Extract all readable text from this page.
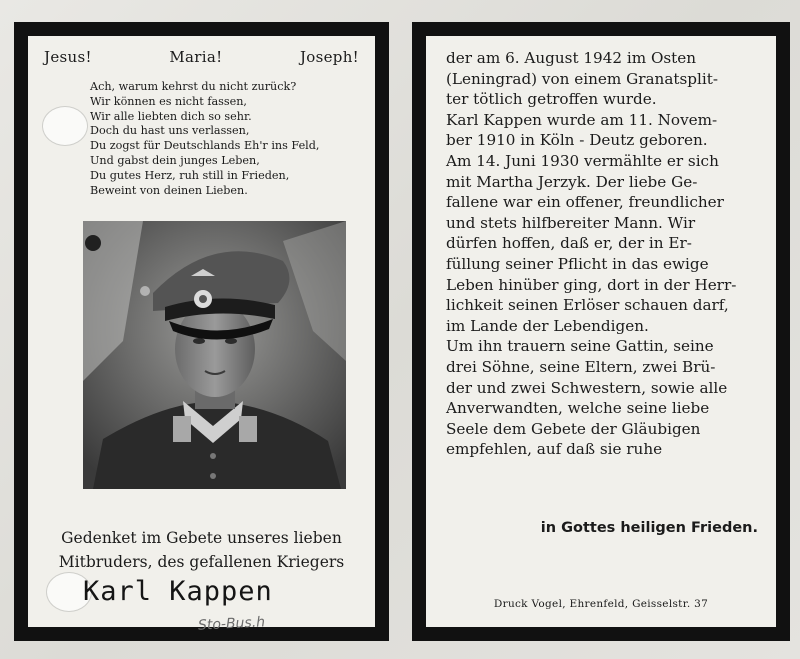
Jesus!	Maria!	Joseph!
Ach, warum kehrst du nicht zurück?
Wir können es nicht fassen,
Wir alle liebten dich so sehr.
Doch du hast uns verlassen,
Du zogst für Deutschlands Eh'r ins Feld,
Und gabst dein junges Leben,
Du gutes Herz, ruh still in Frieden,
Beweint von deinen Lieben.
Gedenket im Gebete unseres lieben
Mitbruders, des gefallenen Kriegers
Karl Kappen
Sto-Bus.h
der am 6. August 1942 im Osten
(Leningrad) von einem Granatsplit-
ter tötlich getroffen wurde.
Karl Kappen wurde am 11. Novem-
ber 1910 in Köln - Deutz geboren.
Am 14. Juni 1930 vermählte er sich
mit Martha Jerzyk. Der liebe Ge-
fallene war ein offener, freundlicher
und stets hilfbereiter Mann. Wir
dürfen hoffen, daß er, der in Er-
füllung seiner Pflicht in das ewige
Leben hinüber ging, dort in der Herr-
lichkeit seinen Erlöser schauen darf,
im Lande der Lebendigen.
Um ihn trauern seine Gattin, seine
drei Söhne, seine Eltern, zwei Brü-
der und zwei Schwestern, sowie alle
Anverwandten, welche seine liebe
Seele dem Gebete der Gläubigen
empfehlen, auf daß sie ruhe
in Gottes heiligen Frieden.
Druck Vogel, Ehrenfeld, Geisselstr. 37
